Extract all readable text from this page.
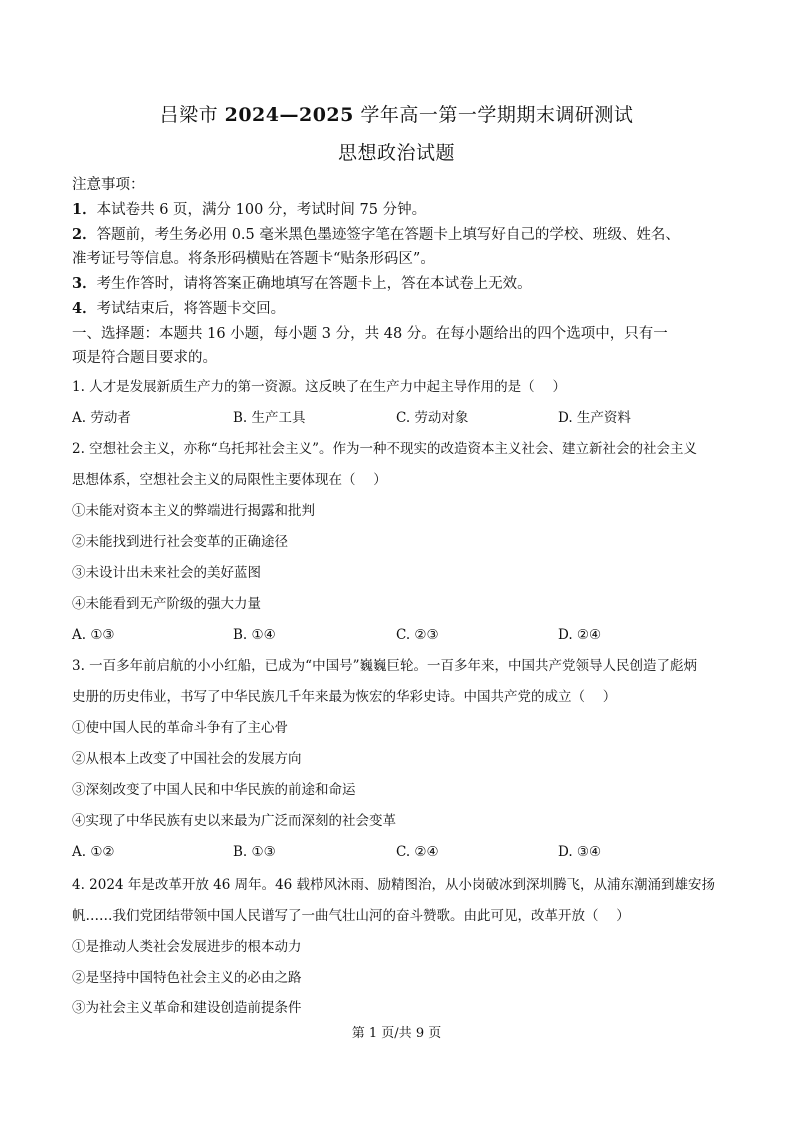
吕梁市 2024—2025 学年高一第一学期期末调研测试
思想政治试题
注意事项：
1．本试卷共 6 页，满分 100 分，考试时间 75 分钟。
2．答题前，考生务必用 0.5 毫米黑色墨迹签字笔在答题卡上填写好自己的学校、班级、姓名、
准考证号等信息。将条形码横贴在答题卡“贴条形码区”。
3．考生作答时，请将答案正确地填写在答题卡上，答在本试卷上无效。
4．考试结束后，将答题卡交回。
一、选择题：本题共 16 小题，每小题 3 分，共 48 分。在每小题给出的四个选项中，只有一
项是符合题目要求的。
1. 人才是发展新质生产力的第一资源。这反映了在生产力中起主导作用的是（　 ）
A. 劳动者	B. 生产工具	C. 劳动对象	D. 生产资料
2. 空想社会主义，亦称“乌托邦社会主义”。作为一种不现实的改造资本主义社会、建立新社会的社会主义
思想体系，空想社会主义的局限性主要体现在（　 ）
①未能对资本主义的弊端进行揭露和批判
②未能找到进行社会变革的正确途径
③未设计出未来社会的美好蓝图
④未能看到无产阶级的强大力量
A. ①③	B. ①④	C. ②③	D. ②④
3. 一百多年前启航的小小红船，已成为“中国号”巍巍巨轮。一百多年来，中国共产党领导人民创造了彪炳
史册的历史伟业，书写了中华民族几千年来最为恢宏的华彩史诗。中国共产党的成立（　 ）
①使中国人民的革命斗争有了主心骨
②从根本上改变了中国社会的发展方向
③深刻改变了中国人民和中华民族的前途和命运
④实现了中华民族有史以来最为广泛而深刻的社会变革
A. ①②	B. ①③	C. ②④	D. ③④
4. 2024 年是改革开放 46 周年。46 载栉风沐雨、励精图治，从小岗破冰到深圳腾飞，从浦东潮涌到雄安扬
帆……我们党团结带领中国人民谱写了一曲气壮山河的奋斗赞歌。由此可见，改革开放（　 ）
①是推动人类社会发展进步的根本动力
②是坚持中国特色社会主义的必由之路
③为社会主义革命和建设创造前提条件
第 1 页/共 9 页
